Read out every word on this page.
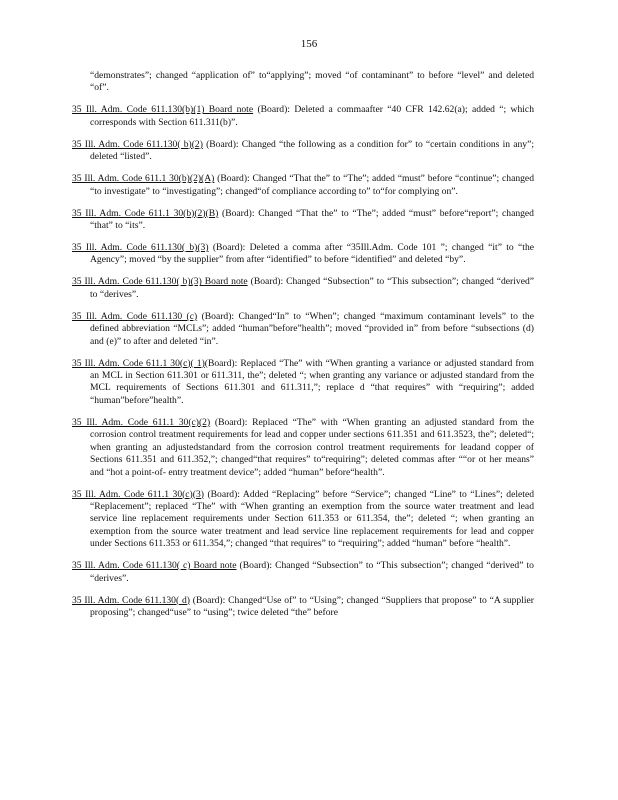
156

“demonstrates”; changed “application of” to“applying”; moved “of contaminant” to before “level” and deleted “of”.

35 Ill. Adm. Code 611.130(b)(1) Board note (Board): Deleted a commaafter “40 CFR 142.62(a); added “; which corresponds with Section 611.311(b)”.

35 Ill. Adm. Code 611.130( b)(2) (Board): Changed “the following as a condition for” to “certain conditions in any”; deleted “listed”.

35 Ill. Adm. Code 611.1 30(b)(2)(A) (Board): Changed “That the” to “The”; added “must” before “continue”; changed “to investigate” to “investigating”; changed“of compliance according to” to“for complying on”.

35 Ill. Adm. Code 611.1 30(b)(2)(B) (Board): Changed “That the” to “The”; added “must” before“report”; changed “that” to “its”.

35 Ill. Adm. Code 611.130( b)(3) (Board): Deleted a comma after “35Ill.Adm. Code 101 ”; changed “it” to “the Agency”; moved “by the supplier” from after “identified” to before “identified” and deleted “by”.

35 Ill. Adm. Code 611.130( b)(3) Board note (Board): Changed “Subsection” to “This subsection”; changed “derived” to “derives”.

35 Ill. Adm. Code 611.130 (c) (Board): Changed“In” to “When”; changed “maximum contaminant levels” to the defined abbreviation “MCLs”; added “human”before”health”; moved “provided in” from before “subsections (d) and (e)” to after and deleted “in”.

35 Ill. Adm. Code 611.1 30(c)( 1)(Board): Replaced “The” with “When granting a variance or adjusted standard from an MCL in Section 611.301 or 611.311, the”; deleted “; when granting any variance or adjusted standard from the MCL requirements of Sections 611.301 and 611.311,”; replace d “that requires” with “requiring”; added “human”before”health”.

35 Ill. Adm. Code 611.1 30(c)(2) (Board): Replaced “The” with “When granting an adjusted standard from the corrosion control treatment requirements for lead and copper under sections 611.351 and 611.3523, the”; deleted“; when granting an adjustedstandard from the corrosion control treatment requirements for leadand copper of Sections 611.351 and 611.352,”; changed“that requires” to“requiring”; deleted commas after ““or ot her means” and “hot a point-of- entry treatment device”; added “human” before“health”.

35 Ill. Adm. Code 611.1 30(c)(3) (Board): Added “Replacing” before “Service”; changed “Line” to “Lines”; deleted “Replacement”; replaced “The” with “When granting an exemption from the source water treatment and lead service line replacement requirements under Section 611.353 or 611.354, the”; deleted “; when granting an exemption from the source water treatment and lead service line replacement requirements for lead and copper under Sections 611.353 or 611.354,”; changed “that requires” to “requiring”; added “human” before “health”.

35 Ill. Adm. Code 611.130( c) Board note (Board): Changed “Subsection” to “This subsection”; changed “derived” to “derives”.

35 Ill. Adm. Code 611.130( d) (Board): Changed“Use of” to “Using”; changed “Suppliers that propose” to “A supplier proposing”; changed“use” to “using”; twice deleted “the” before
